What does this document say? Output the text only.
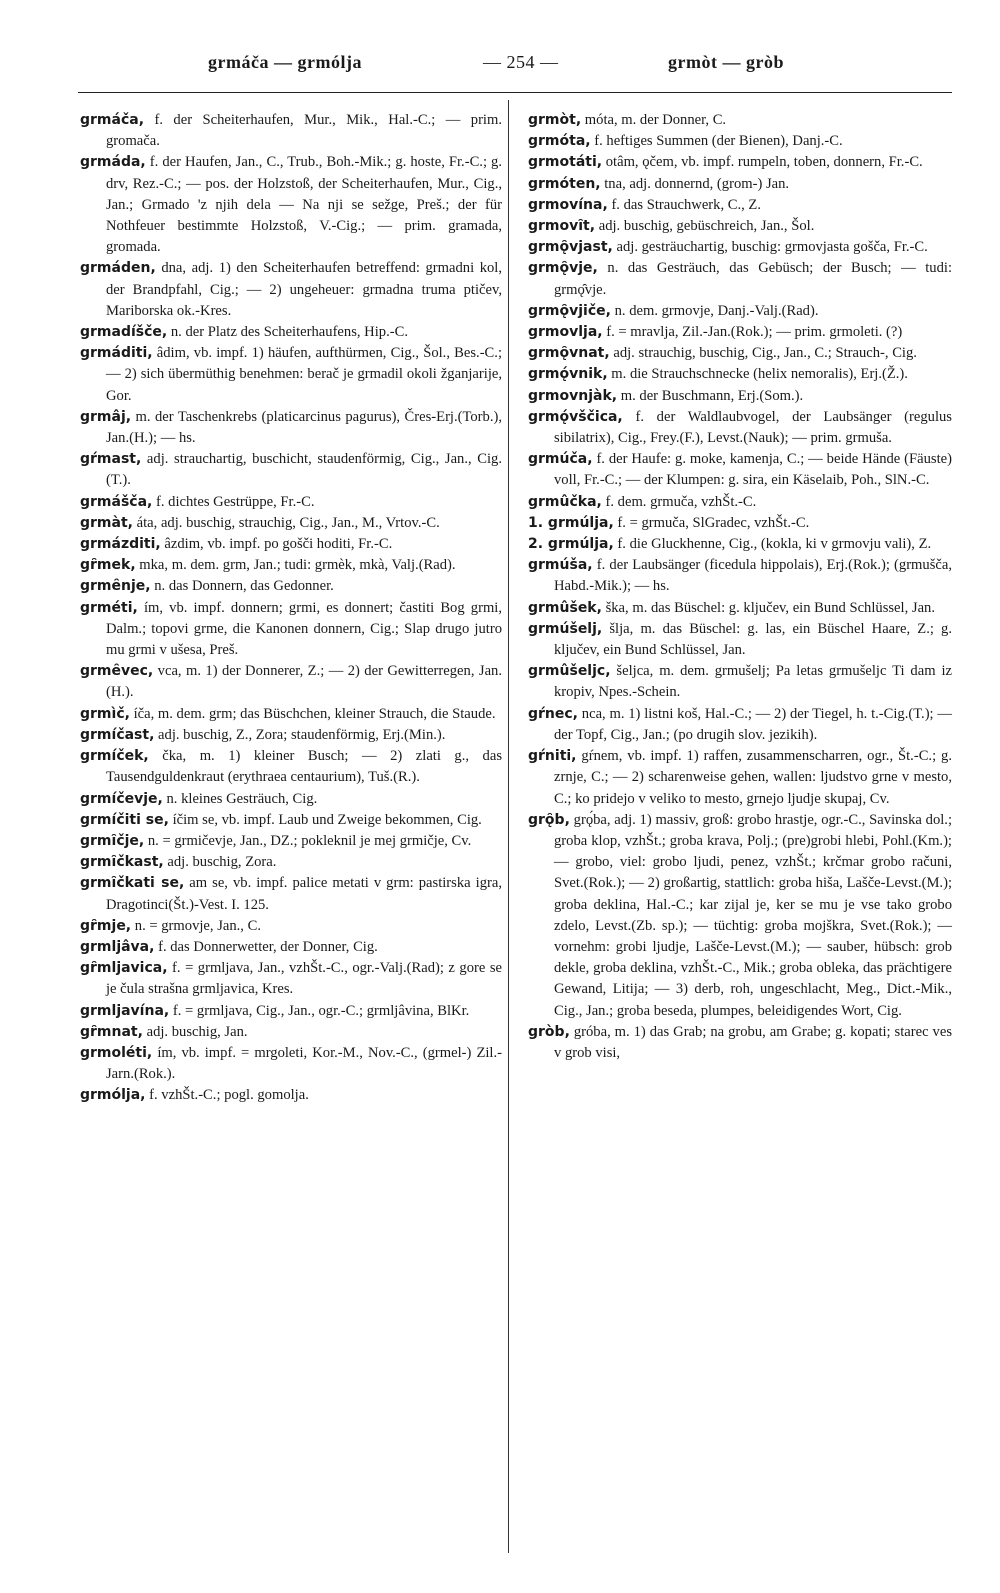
grmáča — grmólja	— 254 —	grmòt — gròb

grmáča, f. der Scheiterhaufen, Mur., Mik., Hal.-C.; — prim. gromača.

grmáda, f. der Haufen, Jan., C., Trub., Boh.-Mik.; g. hoste, Fr.-C.; g. drv, Rez.-C.; — pos. der Holzstoß, der Scheiterhaufen, Mur., Cig., Jan.; Grmado 'z njih dela — Na nji se sežge, Preš.; der für Nothfeuer bestimmte Holzstoß, V.-Cig.; — prim. gramada, gromada.

grmáden, dna, adj. 1) den Scheiterhaufen betreffend: grmadni kol, der Brandpfahl, Cig.; — 2) ungeheuer: grmadna truma ptičev, Mariborska ok.-Kres.

grmadíšče, n. der Platz des Scheiterhaufens, Hip.-C.

grmáditi, âdim, vb. impf. 1) häufen, aufthürmen, Cig., Šol., Bes.-C.; — 2) sich übermüthig benehmen: berač je grmadil okoli žganjarije, Gor.

grmâj, m. der Taschenkrebs (platicarcinus pagurus), Čres-Erj.(Torb.), Jan.(H.); — hs.

gŕmast, adj. strauchartig, buschicht, staudenförmig, Cig., Jan., Cig.(T.).

grmášča, f. dichtes Gestrüppe, Fr.-C.

grmàt, áta, adj. buschig, strauchig, Cig., Jan., M., Vrtov.-C.

grmázditi, âzdim, vb. impf. po gošči hoditi, Fr.-C.

gȓmek, mka, m. dem. grm, Jan.; tudi: grmèk, mkà, Valj.(Rad).

grmȇnje, n. das Donnern, das Gedonner.

grméti, ím, vb. impf. donnern; grmi, es donnert; častiti Bog grmi, Dalm.; topovi grme, die Kanonen donnern, Cig.; Slap drugo jutro mu grmi v ušesa, Preš.

grmȇvec, vca, m. 1) der Donnerer, Z.; — 2) der Gewitterregen, Jan.(H.).

grmìč, íča, m. dem. grm; das Büschchen, kleiner Strauch, die Staude.

grmíčast, adj. buschig, Z., Zora; staudenförmig, Erj.(Min.).

grmíček, čka, m. 1) kleiner Busch; — 2) zlati g., das Tausendguldenkraut (erythraea centaurium), Tuš.(R.).

grmíčevje, n. kleines Gesträuch, Cig.

grmíčiti se, íčim se, vb. impf. Laub und Zweige bekommen, Cig.

grmȋčje, n. = grmičevje, Jan., DZ.; pokleknil je mej grmičje, Cv.

grmȋčkast, adj. buschig, Zora.

grmȋčkati se, am se, vb. impf. palice metati v grm: pastirska igra, Dragotinci(Št.)-Vest. I. 125.

gȓmje, n. = grmovje, Jan., C.

grmljâva, f. das Donnerwetter, der Donner, Cig.

gȓmljavica, f. = grmljava, Jan., vzhŠt.-C., ogr.-Valj.(Rad); z gore se je čula strašna grmljavica, Kres.

grmljavína, f. = grmljava, Cig., Jan., ogr.-C.; grmljâvina, BlKr.

gȓmnat, adj. buschig, Jan.

grmoléti, ím, vb. impf. = mrgoleti, Kor.-M., Nov.-C., (grmel-) Zil.-Jarn.(Rok.).

grmólja, f. vzhŠt.-C.; pogl. gomolja.

grmòt, móta, m. der Donner, C.

grmóta, f. heftiges Summen (der Bienen), Danj.-C.

grmotáti, otâm, ǫčem, vb. impf. rumpeln, toben, donnern, Fr.-C.

grmóten, tna, adj. donnernd, (grom-) Jan.

grmovína, f. das Strauchwerk, C., Z.

grmovȋt, adj. buschig, gebüschreich, Jan., Šol.

grmǫ̑vjast, adj. gesträuchartig, buschig: grmovjasta gošča, Fr.-C.

grmǫ̑vje, n. das Gesträuch, das Gebüsch; der Busch; — tudi: grmǫ̑vje.

grmǫ̑vjiče, n. dem. grmovje, Danj.-Valj.(Rad).

grmovlja, f. = mravlja, Zil.-Jan.(Rok.); — prim. grmoleti. (?)

grmǫ̑vnat, adj. strauchig, buschig, Cig., Jan., C.; Strauch-, Cig.

grmǫ́vnik, m. die Strauchschnecke (helix nemoralis), Erj.(Ž.).

grmovnjàk, m. der Buschmann, Erj.(Som.).

grmǫ́vščica, f. der Waldlaubvogel, der Laubsänger (regulus sibilatrix), Cig., Frey.(F.), Levst.(Nauk); — prim. grmuša.

grmúča, f. der Haufe: g. moke, kamenja, C.; — beide Hände (Fäuste) voll, Fr.-C.; — der Klumpen: g. sira, ein Käselaib, Poh., SlN.-C.

grmûčka, f. dem. grmuča, vzhŠt.-C.

1. grmúlja, f. = grmuča, SlGradec, vzhŠt.-C.

2. grmúlja, f. die Gluckhenne, Cig., (kokla, ki v grmovju vali), Z.

grmúša, f. der Laubsänger (ficedula hippolais), Erj.(Rok.); (grmušča, Habd.-Mik.); — hs.

grmûšek, ška, m. das Büschel: g. ključev, ein Bund Schlüssel, Jan.

grmúšelj, šlja, m. das Büschel: g. las, ein Büschel Haare, Z.; g. ključev, ein Bund Schlüssel, Jan.

grmûšeljc, šeljca, m. dem. grmušelj; Pa letas grmušeljc Ti dam iz kropiv, Npes.-Schein.

gŕnec, nca, m. 1) listni koš, Hal.-C.; — 2) der Tiegel, h. t.-Cig.(T.); — der Topf, Cig., Jan.; (po drugih slov. jezikih).

gŕniti, gŕnem, vb. impf. 1) raffen, zusammenscharren, ogr., Št.-C.; g. zrnje, C.; — 2) scharenweise gehen, wallen: ljudstvo grne v mesto, C.; ko pridejo v veliko to mesto, grnejo ljudje skupaj, Cv.

grǫ̑b, grǫ́ba, adj. 1) massiv, groß: grobo hrastje, ogr.-C., Savinska dol.; groba klop, vzhŠt.; groba krava, Polj.; (pre)grobi hlebi, Pohl.(Km.); — grobo, viel: grobo ljudi, penez, vzhŠt.; krčmar grobo računi, Svet.(Rok.); — 2) großartig, stattlich: groba hiša, Lašče-Levst.(M.); groba deklina, Hal.-C.; kar zijal je, ker se mu je vse tako grobo zdelo, Levst.(Zb. sp.); — tüchtig: groba mojškra, Svet.(Rok.); — vornehm: grobi ljudje, Lašče-Levst.(M.); — sauber, hübsch: grob dekle, groba deklina, vzhŠt.-C., Mik.; groba obleka, das prächtigere Gewand, Litija; — 3) derb, roh, ungeschlacht, Meg., Dict.-Mik., Cig., Jan.; groba beseda, plumpes, beleidigendes Wort, Cig.

gròb, gróba, m. 1) das Grab; na grobu, am Grabe; g. kopati; starec ves v grob visi,
